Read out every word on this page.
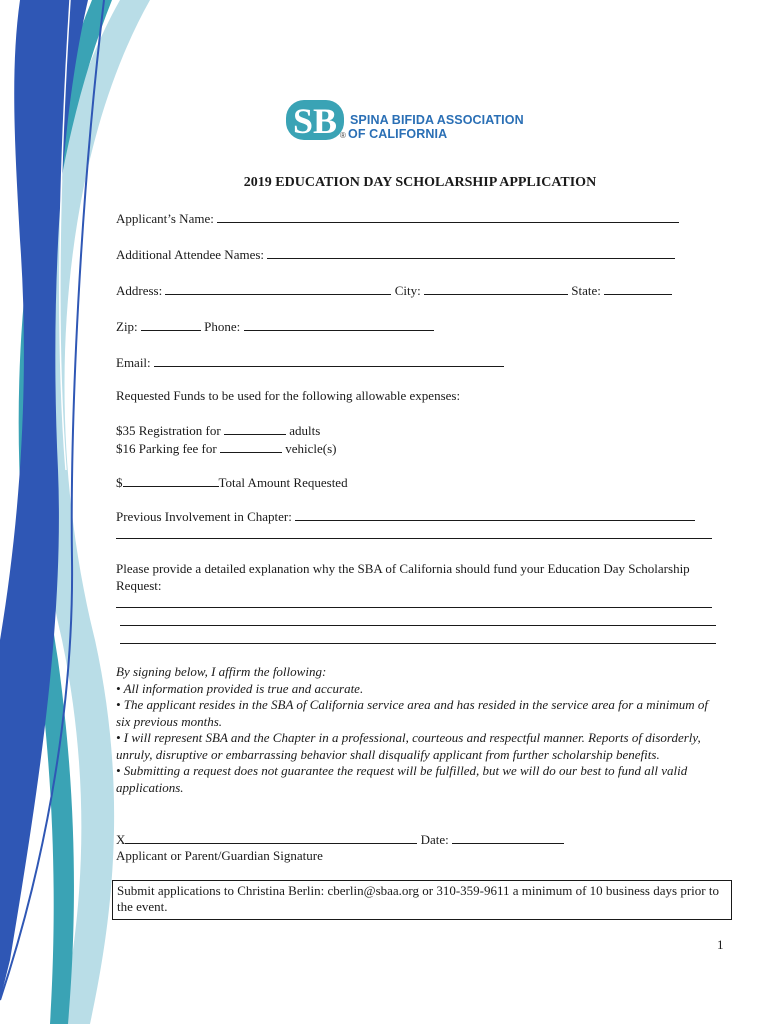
SB SPINA BIFIDA ASSOCIATION
® OF CALIFORNIA
2019 EDUCATION DAY SCHOLARSHIP APPLICATION
Applicant’s Name:
Additional Attendee Names:
Address:	City:	State:
Zip:	Phone:
Email:
Requested Funds to be used for the following allowable expenses:
$35 Registration for	adults
$16 Parking fee for	vehicle(s)
$	Total Amount Requested
Previous Involvement in Chapter:
Please provide a detailed explanation why the SBA of California should fund your Education Day Scholarship Request:
By signing below, I affirm the following:
• All information provided is true and accurate.
• The applicant resides in the SBA of California service area and has resided in the service area for a minimum of six previous months.
• I will represent SBA and the Chapter in a professional, courteous and respectful manner. Reports of disorderly, unruly, disruptive or embarrassing behavior shall disqualify applicant from further scholarship benefits.
• Submitting a request does not guarantee the request will be fulfilled, but we will do our best to fund all valid applications.
X	Date:
Applicant or Parent/Guardian Signature
Submit applications to Christina Berlin: cberlin@sbaa.org or 310-359-9611 a minimum of 10 business days prior to the event.
1
